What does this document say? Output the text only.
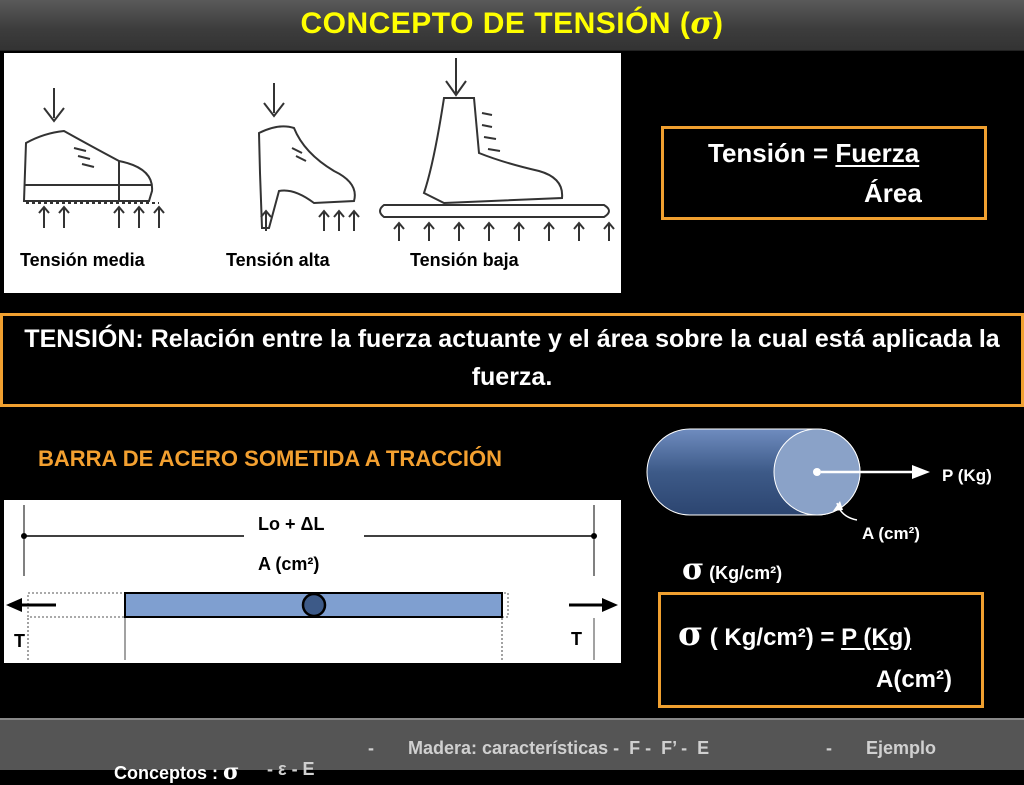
CONCEPTO DE TENSIÓN (σ)
Tensión media	Tensión alta	Tensión baja
Tensión = Fuerza
Área
TENSIÓN: Relación entre la fuerza actuante y el área sobre la cual está aplicada la fuerza.
BARRA DE ACERO SOMETIDA A TRACCIÓN
Lo + ΔL
A (cm²)
T	T
P (Kg)
A (cm²)
σ (Kg/cm²)
σ ( Kg/cm²) = P (Kg)
A(cm²)

Conceptos : σ	- ε - E

- Madera: características -  F -  F’ -  E	- Ejemplo
